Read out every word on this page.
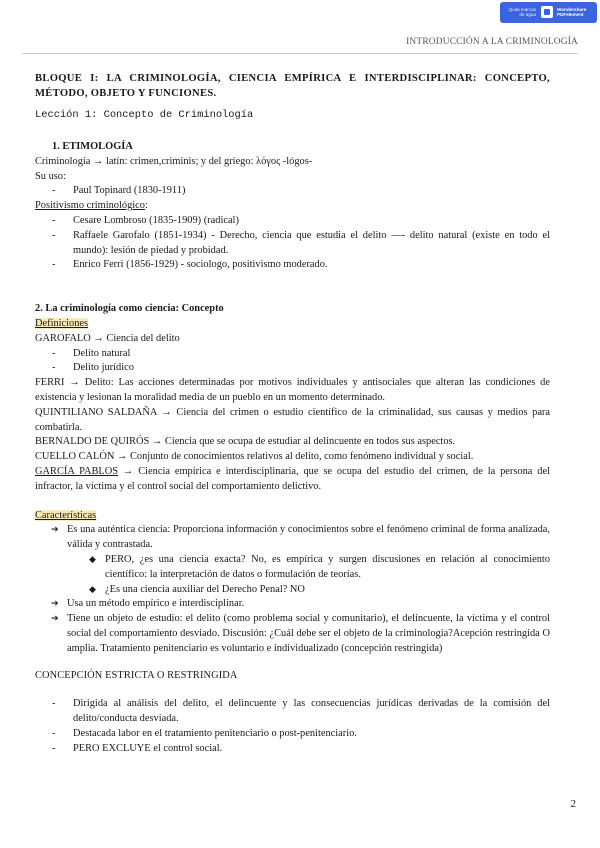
Quita marcas de agua
Wondershare PDFelement
INTRODUCCIÓN A LA CRIMINOLOGÍA
BLOQUE I: LA CRIMINOLOGÍA, CIENCIA EMPÍRICA E INTERDISCIPLINAR: CONCEPTO, MÉTODO, OBJETO Y FUNCIONES.
Lección 1: Concepto de Criminología

1. ETIMOLOGÍA

Criminología → latín: crimen,criminis; y del griego: λόγος -lógos-

Su uso:

- Paul Topinard (1830-1911)

Positivismo criminológico:

- Cesare Lombroso (1835-1909) (radical)

- Raffaele Garofalo (1851-1934) - Derecho, ciencia que estudia el delito —- delito natural (existe en todo el mundo): lesión de piedad y probidad.

- Enrico Ferri (1856-1929) - sociologo, positivismo moderado.

2. La criminología como ciencia: Concepto

Definiciones

GAROFALO → Ciencia del delito

- Delito natural

- Delito jurídico

FERRI → Delito: Las acciones determinadas por motivos individuales y antisociales que alteran las condiciones de existencia y lesionan la moralidad media de un pueblo en un momento determinado.

QUINTILIANO SALDAÑA → Ciencia del crimen o estudio científico de la criminalidad, sus causas y medios para combatirla.

BERNALDO DE QUIRÓS → Ciencia que se ocupa de estudiar al delincuente en todos sus aspectos.

CUELLO CALÓN → Conjunto de conocimientos relativos al delito, como fenómeno individual y social.

GARCÍA PABLOS → Ciencia empírica e interdisciplinaria, que se ocupa del estudio del crimen, de la persona del infractor, la víctima y el control social del comportamiento delictivo.

Características

➔ Es una auténtica ciencia: Proporciona información y conocimientos sobre el fenómeno criminal de forma analizada, válida y contrastada.

◆ PERO, ¿es una ciencia exacta? No, es empírica y surgen discusiones en relación al conocimiento científico: la interpretación de datos o formulación de teorías.

◆ ¿Es una ciencia auxiliar del Derecho Penal? NO

➔ Usa un método empírico e interdisciplinar.

➔ Tiene un objeto de estudio: el delito (como problema social y comunitario), el delincuente, la víctima y el control social del comportamiento desviado. Discusión: ¿Cuál debe ser el objeto de la criminología?Acepción restringida O amplia. Tratamiento penitenciario es voluntario e individualizado (concepción restringida)

CONCEPCIÓN ESTRICTA O RESTRINGIDA

- Dirigida al análisis del delito, el delincuente y las consecuencias jurídicas derivadas de la comisión del delito/conducta desviada.

- Destacada labor en el tratamiento penitenciario o post-penitenciario.

- PERO EXCLUYE el control social.

2
